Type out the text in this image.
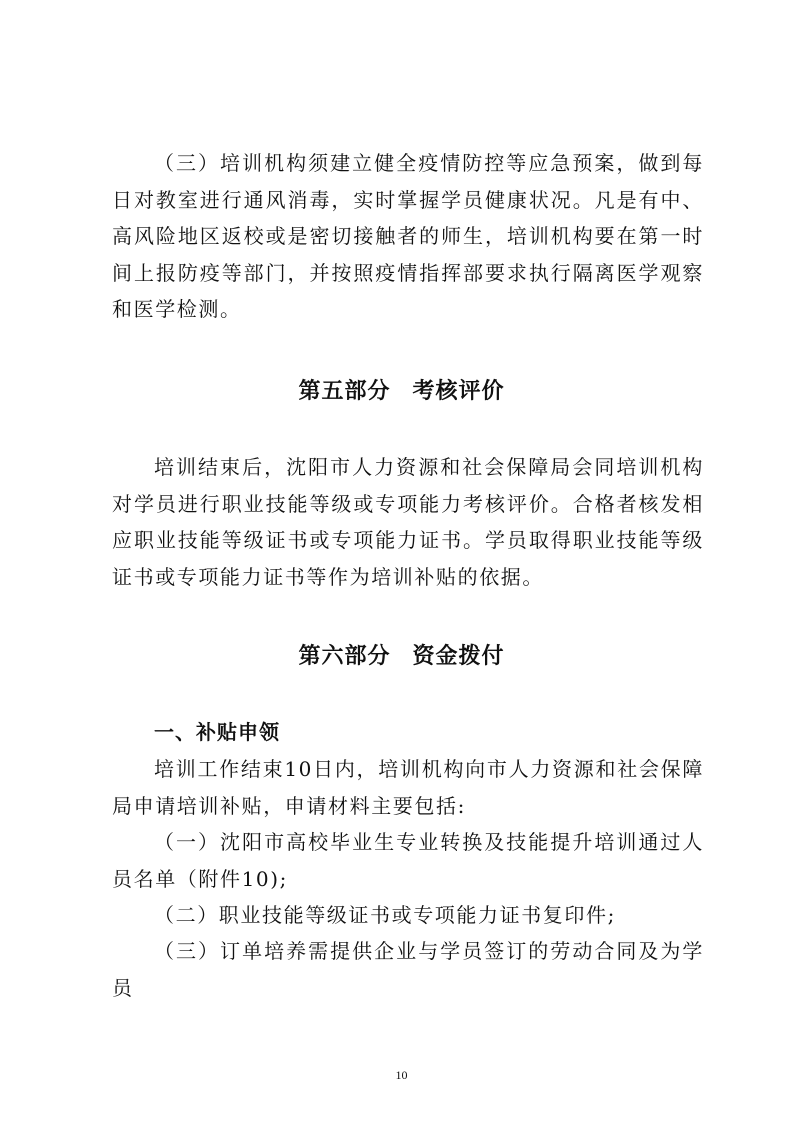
（三）培训机构须建立健全疫情防控等应急预案，做到每日对教室进行通风消毒，实时掌握学员健康状况。凡是有中、高风险地区返校或是密切接触者的师生，培训机构要在第一时间上报防疫等部门，并按照疫情指挥部要求执行隔离医学观察和医学检测。

第五部分 考核评价

培训结束后，沈阳市人力资源和社会保障局会同培训机构对学员进行职业技能等级或专项能力考核评价。合格者核发相应职业技能等级证书或专项能力证书。学员取得职业技能等级证书或专项能力证书等作为培训补贴的依据。

第六部分 资金拨付
一、补贴申领

培训工作结束10日内，培训机构向市人力资源和社会保障局申请培训补贴，申请材料主要包括:

（一）沈阳市高校毕业生专业转换及技能提升培训通过人员名单（附件10);

（二）职业技能等级证书或专项能力证书复印件;

（三）订单培养需提供企业与学员签订的劳动合同及为学员

10
